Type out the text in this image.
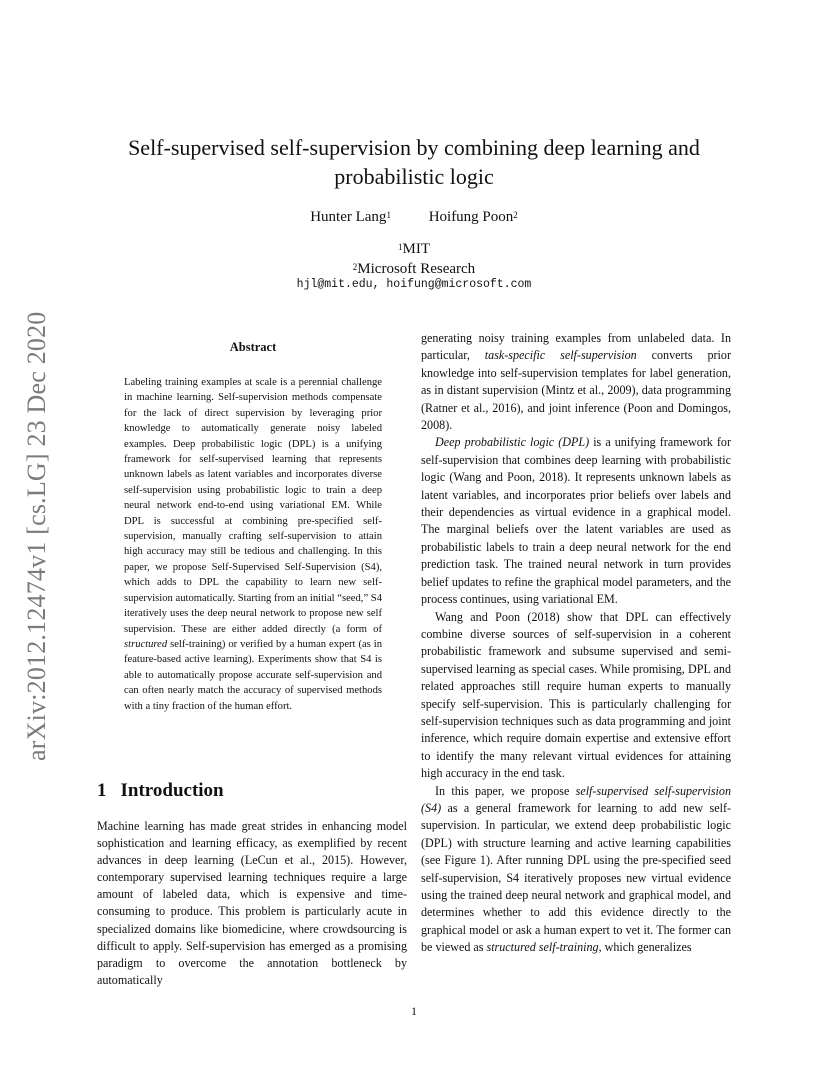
Self-supervised self-supervision by combining deep learning and probabilistic logic
Hunter Lang$^1$	Hoifung Poon$^2$
$^1$MIT
$^2$Microsoft Research
hjl@mit.edu, hoifung@microsoft.com
arXiv:2012.12474v1 [cs.LG] 23 Dec 2020	Abstract

Labeling training examples at scale is a perennial challenge in machine learning. Self-supervision methods compensate for the lack of direct supervision by leveraging prior knowledge to automatically generate noisy labeled examples. Deep probabilistic logic (DPL) is a unifying framework for self-supervised learning that represents unknown labels as latent variables and incorporates diverse self-supervision using probabilistic logic to train a deep neural network end-to-end using variational EM. While DPL is successful at combining pre-specified self-supervision, manually crafting self-supervision to attain high accuracy may still be tedious and challenging. In this paper, we propose Self-Supervised Self-Supervision (S4), which adds to DPL the capability to learn new self-supervision automatically. Starting from an initial “seed,” S4 iteratively uses the deep neural network to propose new self supervision. These are either added directly (a form of structured self-training) or verified by a human expert (as in feature-based active learning). Experiments show that S4 is able to automatically propose accurate self-supervision and can often nearly match the accuracy of supervised methods with a tiny fraction of the human effort.

1 Introduction

Machine learning has made great strides in enhancing model sophistication and learning efficacy, as exemplified by recent advances in deep learning (LeCun et al., 2015). However, contemporary supervised learning techniques require a large amount of labeled data, which is expensive and time-consuming to produce. This problem is particularly acute in specialized domains like biomedicine, where crowdsourcing is difficult to apply. Self-supervision has emerged as a promising paradigm to overcome the annotation bottleneck by automatically

generating noisy training examples from unlabeled data. In particular, task-specific self-supervision converts prior knowledge into self-supervision templates for label generation, as in distant supervision (Mintz et al., 2009), data programming (Ratner et al., 2016), and joint inference (Poon and Domingos, 2008).

Deep probabilistic logic (DPL) is a unifying framework for self-supervision that combines deep learning with probabilistic logic (Wang and Poon, 2018). It represents unknown labels as latent variables, and incorporates prior beliefs over labels and their dependencies as virtual evidence in a graphical model. The marginal beliefs over the latent variables are used as probabilistic labels to train a deep neural network for the end prediction task. The trained neural network in turn provides belief updates to refine the graphical model parameters, and the process continues, using variational EM.

Wang and Poon (2018) show that DPL can effectively combine diverse sources of self-supervision in a coherent probabilistic framework and subsume supervised and semi-supervised learning as special cases. While promising, DPL and related approaches still require human experts to manually specify self-supervision. This is particularly challenging for self-supervision techniques such as data programming and joint inference, which require domain expertise and extensive effort to identify the many relevant virtual evidences for attaining high accuracy in the end task.

In this paper, we propose self-supervised self-supervision (S4) as a general framework for learning to add new self-supervision. In particular, we extend deep probabilistic logic (DPL) with structure learning and active learning capabilities (see Figure 1). After running DPL using the pre-specified seed self-supervision, S4 iteratively proposes new virtual evidence using the trained deep neural network and graphical model, and determines whether to add this evidence directly to the graphical model or ask a human expert to vet it. The former can be viewed as structured self-training, which generalizes

1
